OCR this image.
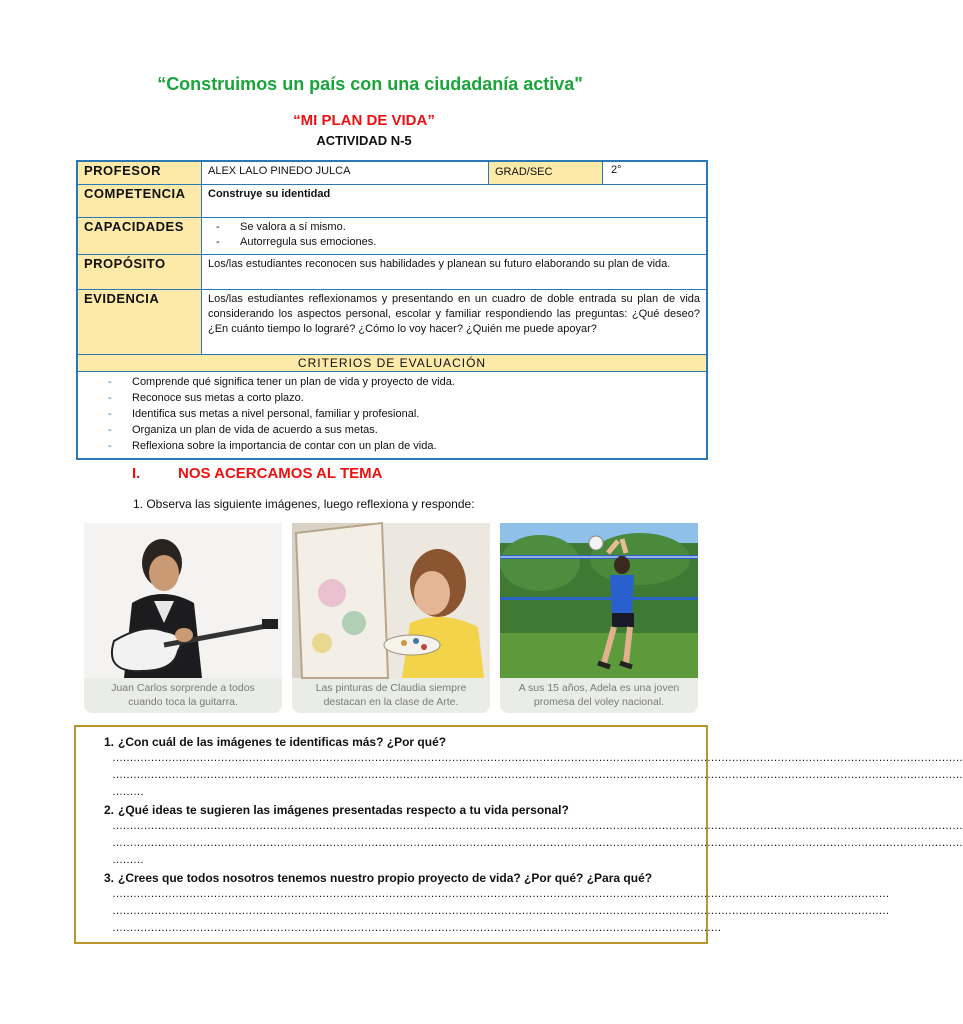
“Construimos un país con una ciudadanía activa"
“MI PLAN DE VIDA”
ACTIVIDAD N-5
PROFESOR	ALEX LALO PINEDO JULCA	GRAD/SEC	2°
COMPETENCIA	Construye su identidad
CAPACIDADES
-	Se valora a sí mismo.
- Autorregula sus emociones.
PROPÓSITO	Los/las estudiantes reconocen sus habilidades y planean su futuro elaborando su plan de vida.
EVIDENCIA	Los/las estudiantes reflexionamos y presentando en un cuadro de doble entrada su plan de vida considerando los aspectos personal, escolar y familiar respondiendo las preguntas: ¿Qué deseo? ¿En cuánto tiempo lo lograré? ¿Cómo lo voy hacer? ¿Quién me puede apoyar?
CRITERIOS DE EVALUACIÓN
- Comprende qué significa tener un plan de vida y proyecto de vida.
- Reconoce sus metas a corto plazo.
- Identifica sus metas a nivel personal, familiar y profesional.
- Organiza un plan de vida de acuerdo a sus metas.
- Reflexiona sobre la importancia de contar con un plan de vida.
I.	NOS ACERCAMOS AL TEMA
1. Observa las siguiente imágenes, luego reflexiona y responde:
Juan Carlos sorprende a todos
cuando toca la guitarra.
Las pinturas de Claudia siempre
destacan en la clase de Arte.
A sus 15 años, Adela es una joven
promesa del voley nacional.
1. ¿Con cuál de las imágenes te identificas más? ¿Por qué?
………………………………………………………………………………………………………………………………………………………………………………………………………………………
………………………………………………………………………………………………………………………………………………………………………………………………………………………
………
2. ¿Qué ideas te sugieren las imágenes presentadas respecto a tu vida personal?
………………………………………………………………………………………………………………………………………………………………………………………………………………………
………………………………………………………………………………………………………………………………………………………………………………………………………………………
………
3. ¿Crees que todos nosotros tenemos nuestro propio proyecto de vida? ¿Por qué? ¿Para qué?
……………………………………………………………………………………………………………………………………………………………………………………………………
……………………………………………………………………………………………………………………………………………………………………………………………………
…………………………………………………………………………………………………………………………………………………………
